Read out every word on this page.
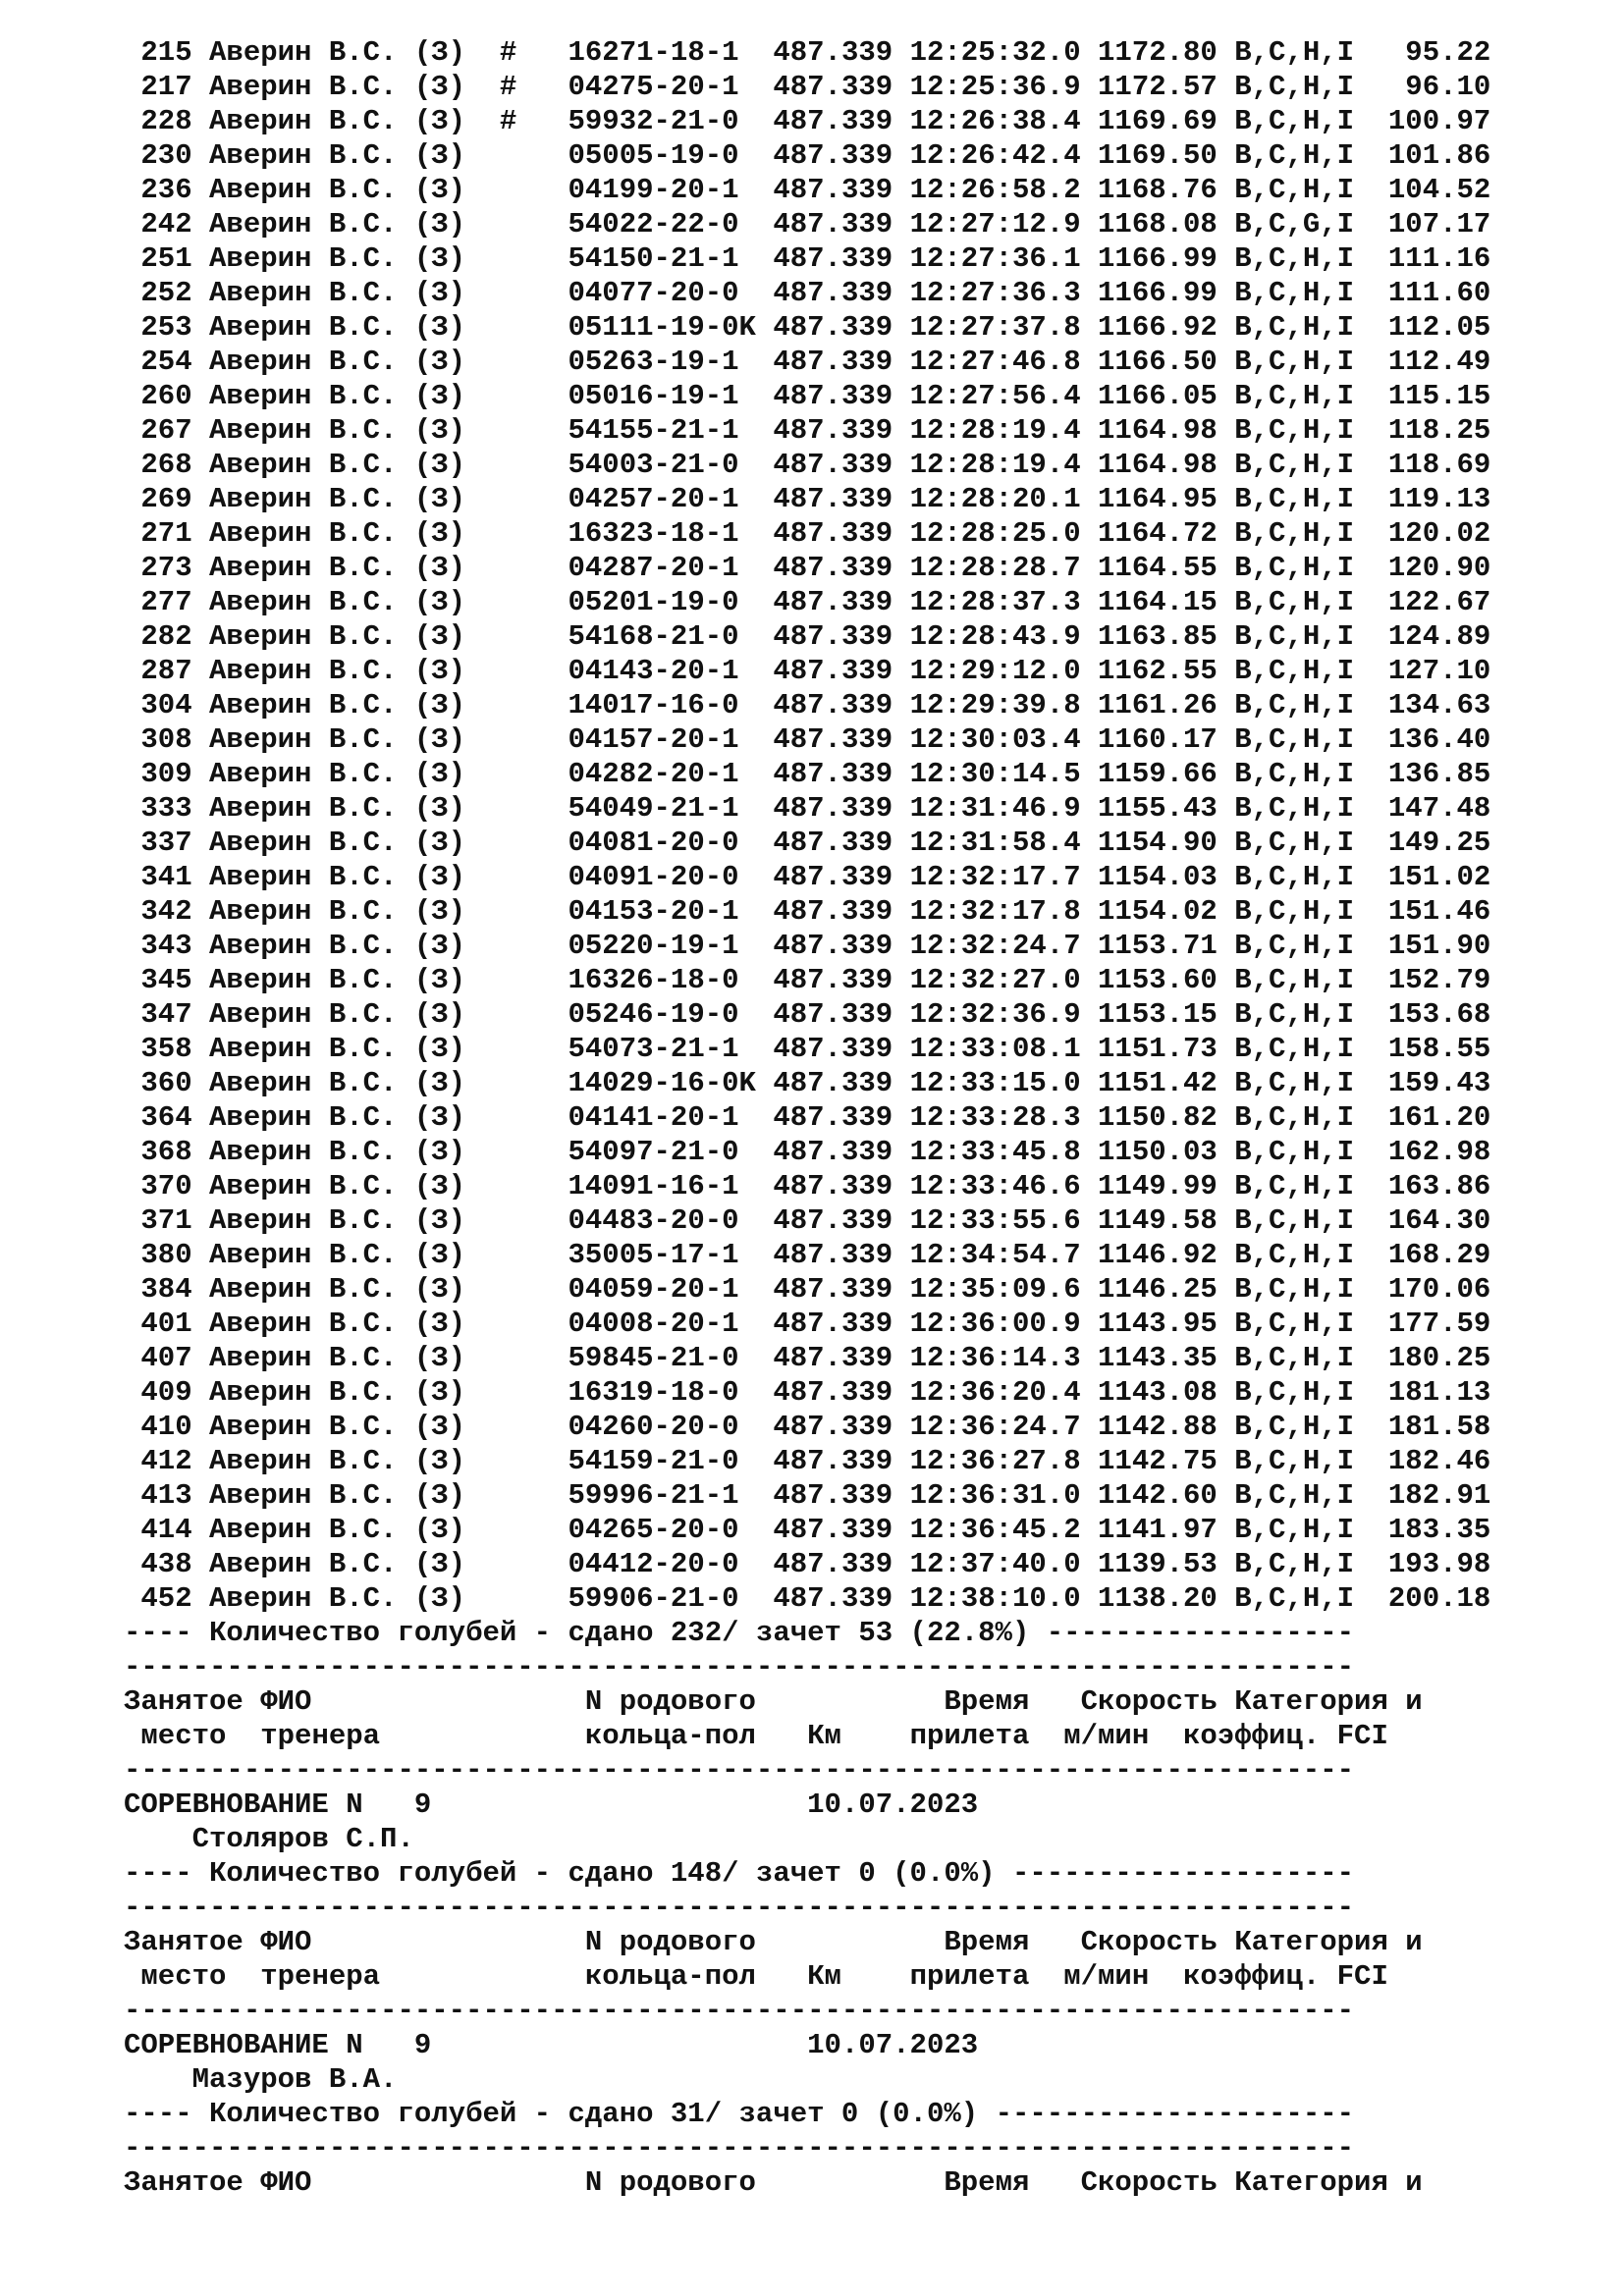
215 Аверин В.С. (З)  #   16271-18-1  487.339 12:25:32.0 1172.80 B,C,H,I   95.22
217 Аверин В.С. (З)  #   04275-20-1  487.339 12:25:36.9 1172.57 B,C,H,I   96.10
228 Аверин В.С. (З)  #   59932-21-0  487.339 12:26:38.4 1169.69 B,C,H,I  100.97
230 Аверин В.С. (З)      05005-19-0  487.339 12:26:42.4 1169.50 B,C,H,I  101.86
236 Аверин В.С. (З)      04199-20-1  487.339 12:26:58.2 1168.76 B,C,H,I  104.52
242 Аверин В.С. (З)      54022-22-0  487.339 12:27:12.9 1168.08 B,C,G,I  107.17
251 Аверин В.С. (З)      54150-21-1  487.339 12:27:36.1 1166.99 B,C,H,I  111.16
252 Аверин В.С. (З)      04077-20-0  487.339 12:27:36.3 1166.99 B,C,H,I  111.60
253 Аверин В.С. (З)      05111-19-0K 487.339 12:27:37.8 1166.92 B,C,H,I  112.05
254 Аверин В.С. (З)      05263-19-1  487.339 12:27:46.8 1166.50 B,C,H,I  112.49
260 Аверин В.С. (З)      05016-19-1  487.339 12:27:56.4 1166.05 B,C,H,I  115.15
267 Аверин В.С. (З)      54155-21-1  487.339 12:28:19.4 1164.98 B,C,H,I  118.25
268 Аверин В.С. (З)      54003-21-0  487.339 12:28:19.4 1164.98 B,C,H,I  118.69
269 Аверин В.С. (З)      04257-20-1  487.339 12:28:20.1 1164.95 B,C,H,I  119.13
271 Аверин В.С. (З)      16323-18-1  487.339 12:28:25.0 1164.72 B,C,H,I  120.02
273 Аверин В.С. (З)      04287-20-1  487.339 12:28:28.7 1164.55 B,C,H,I  120.90
277 Аверин В.С. (З)      05201-19-0  487.339 12:28:37.3 1164.15 B,C,H,I  122.67
282 Аверин В.С. (З)      54168-21-0  487.339 12:28:43.9 1163.85 B,C,H,I  124.89
287 Аверин В.С. (З)      04143-20-1  487.339 12:29:12.0 1162.55 B,C,H,I  127.10
304 Аверин В.С. (З)      14017-16-0  487.339 12:29:39.8 1161.26 B,C,H,I  134.63
308 Аверин В.С. (З)      04157-20-1  487.339 12:30:03.4 1160.17 B,C,H,I  136.40
309 Аверин В.С. (З)      04282-20-1  487.339 12:30:14.5 1159.66 B,C,H,I  136.85
333 Аверин В.С. (З)      54049-21-1  487.339 12:31:46.9 1155.43 B,C,H,I  147.48
337 Аверин В.С. (З)      04081-20-0  487.339 12:31:58.4 1154.90 B,C,H,I  149.25
341 Аверин В.С. (З)      04091-20-0  487.339 12:32:17.7 1154.03 B,C,H,I  151.02
342 Аверин В.С. (З)      04153-20-1  487.339 12:32:17.8 1154.02 B,C,H,I  151.46
343 Аверин В.С. (З)      05220-19-1  487.339 12:32:24.7 1153.71 B,C,H,I  151.90
345 Аверин В.С. (З)      16326-18-0  487.339 12:32:27.0 1153.60 B,C,H,I  152.79
347 Аверин В.С. (З)      05246-19-0  487.339 12:32:36.9 1153.15 B,C,H,I  153.68
358 Аверин В.С. (З)      54073-21-1  487.339 12:33:08.1 1151.73 B,C,H,I  158.55
360 Аверин В.С. (З)      14029-16-0K 487.339 12:33:15.0 1151.42 B,C,H,I  159.43
364 Аверин В.С. (З)      04141-20-1  487.339 12:33:28.3 1150.82 B,C,H,I  161.20
368 Аверин В.С. (З)      54097-21-0  487.339 12:33:45.8 1150.03 B,C,H,I  162.98
370 Аверин В.С. (З)      14091-16-1  487.339 12:33:46.6 1149.99 B,C,H,I  163.86
371 Аверин В.С. (З)      04483-20-0  487.339 12:33:55.6 1149.58 B,C,H,I  164.30
380 Аверин В.С. (З)      35005-17-1  487.339 12:34:54.7 1146.92 B,C,H,I  168.29
384 Аверин В.С. (З)      04059-20-1  487.339 12:35:09.6 1146.25 B,C,H,I  170.06
401 Аверин В.С. (З)      04008-20-1  487.339 12:36:00.9 1143.95 B,C,H,I  177.59
407 Аверин В.С. (З)      59845-21-0  487.339 12:36:14.3 1143.35 B,C,H,I  180.25
409 Аверин В.С. (З)      16319-18-0  487.339 12:36:20.4 1143.08 B,C,H,I  181.13
410 Аверин В.С. (З)      04260-20-0  487.339 12:36:24.7 1142.88 B,C,H,I  181.58
412 Аверин В.С. (З)      54159-21-0  487.339 12:36:27.8 1142.75 B,C,H,I  182.46
413 Аверин В.С. (З)      59996-21-1  487.339 12:36:31.0 1142.60 B,C,H,I  182.91
414 Аверин В.С. (З)      04265-20-0  487.339 12:36:45.2 1141.97 B,C,H,I  183.35
438 Аверин В.С. (З)      04412-20-0  487.339 12:37:40.0 1139.53 B,C,H,I  193.98
452 Аверин В.С. (З)      59906-21-0  487.339 12:38:10.0 1138.20 B,C,H,I  200.18
---- Количество голубей - сдано 232/ зачет 53 (22.8%) ------------------
------------------------------------------------------------------------
Занятое ФИО                N родового           Время   Скорость Категория и
место  тренера            кольца-пол   Км    прилета  м/мин  коэффиц. FCI
------------------------------------------------------------------------
СОРЕВНОВАНИЕ N   9                      10.07.2023
Столяров С.П.
---- Количество голубей - сдано 148/ зачет 0 (0.0%) --------------------
------------------------------------------------------------------------
Занятое ФИО                N родового           Время   Скорость Категория и
место  тренера            кольца-пол   Км    прилета  м/мин  коэффиц. FCI
------------------------------------------------------------------------
СОРЕВНОВАНИЕ N   9                      10.07.2023
Мазуров В.А.
---- Количество голубей - сдано 31/ зачет 0 (0.0%) ---------------------
------------------------------------------------------------------------
Занятое ФИО                N родового           Время   Скорость Категория и
